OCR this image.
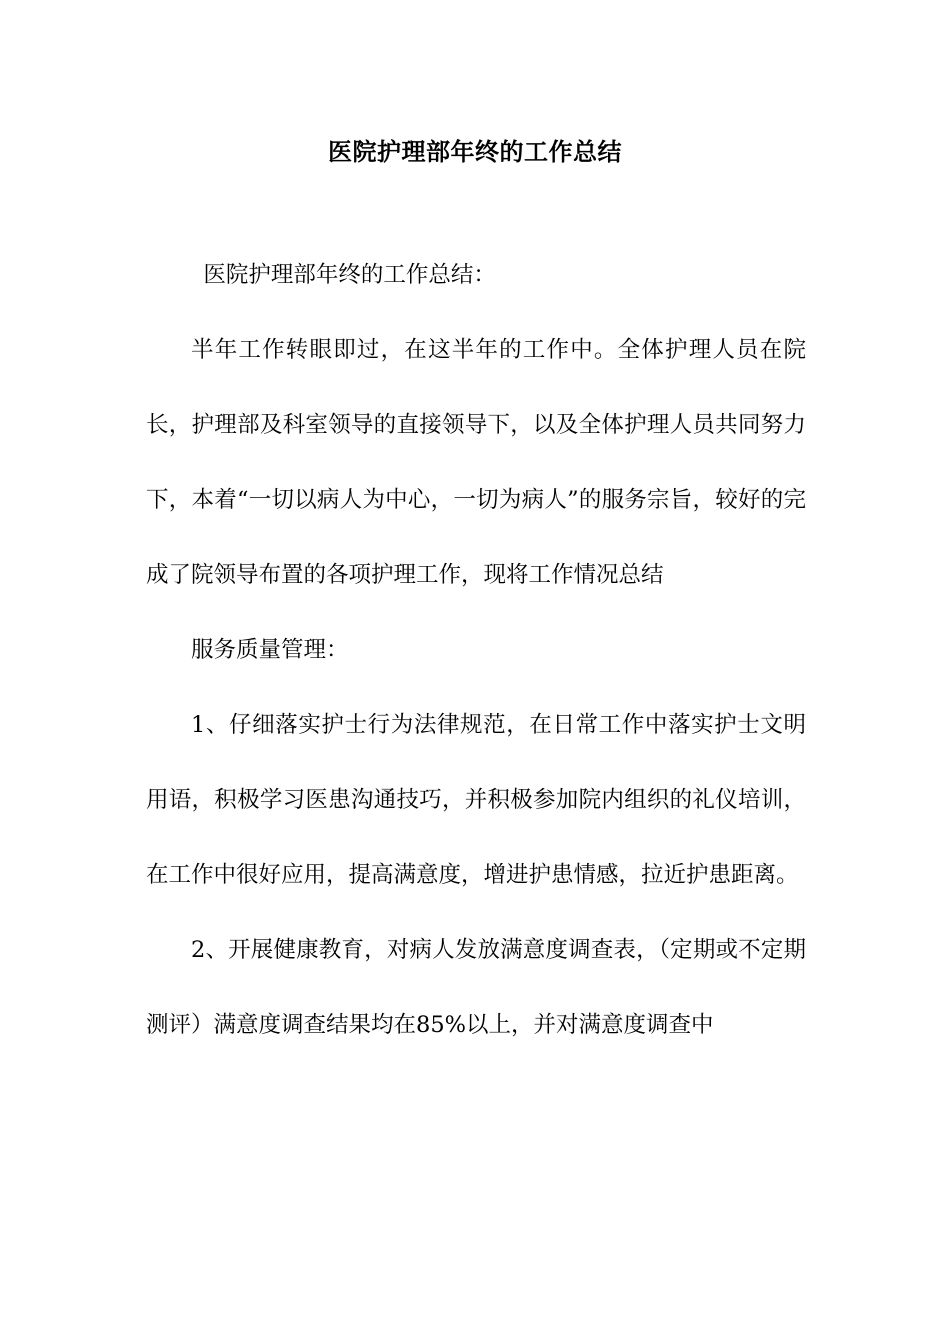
医院护理部年终的工作总结

医院护理部年终的工作总结：

半年工作转眼即过，在这半年的工作中。全体护理人员在院长，护理部及科室领导的直接领导下，以及全体护理人员共同努力下，本着“一切以病人为中心，一切为病人”的服务宗旨，较好的完成了院领导布置的各项护理工作，现将工作情况总结

服务质量管理：

1、仔细落实护士行为法律规范，在日常工作中落实护士文明用语，积极学习医患沟通技巧，并积极参加院内组织的礼仪培训，在工作中很好应用，提高满意度，增进护患情感，拉近护患距离。

2、开展健康教育，对病人发放满意度调查表，（定期或不定期测评）满意度调查结果均在85%以上，并对满意度调查中
